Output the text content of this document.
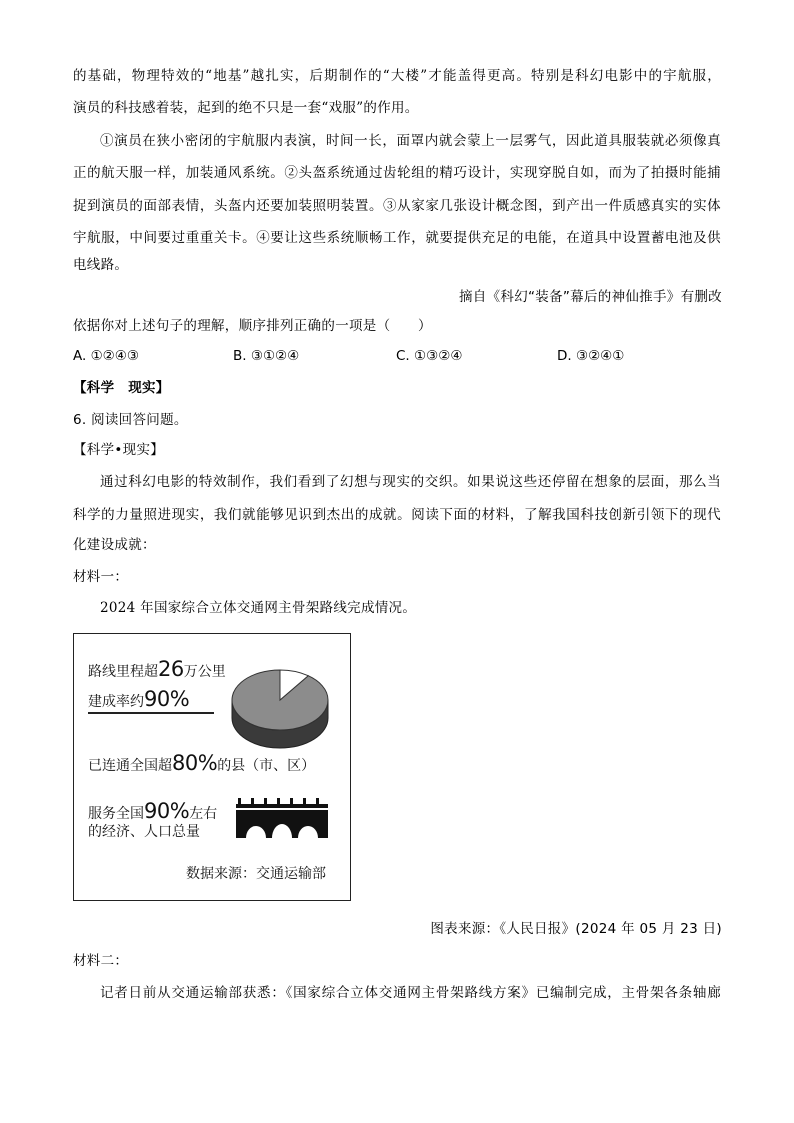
的基础，物理特效的“地基”越扎实，后期制作的“大楼”才能盖得更高。特别是科幻电影中的宇航服，
演员的科技感着装，起到的绝不只是一套“戏服”的作用。
①演员在狭小密闭的宇航服内表演，时间一长，面罩内就会蒙上一层雾气，因此道具服装就必须像真
正的航天服一样，加装通风系统。②头盔系统通过齿轮组的精巧设计，实现穿脱自如，而为了拍摄时能捕
捉到演员的面部表情，头盔内还要加装照明装置。③从家家几张设计概念图，到产出一件质感真实的实体
宇航服，中间要过重重关卡。④要让这些系统顺畅工作，就要提供充足的电能，在道具中设置蓄电池及供
电线路。
摘自《科幻“装备”幕后的神仙推手》有删改
依据你对上述句子的理解，顺序排列正确的一项是（　　）
A. ①②④③	B. ③①②④	C. ①③②④	D. ③②④①
【科学　现实】
6. 阅读回答问题。
【科学•现实】
通过科幻电影的特效制作，我们看到了幻想与现实的交织。如果说这些还停留在想象的层面，那么当
科学的力量照进现实，我们就能够见识到杰出的成就。阅读下面的材料，了解我国科技创新引领下的现代
化建设成就：
材料一：
2024 年国家综合立体交通网主骨架路线完成情况。
路线里程超26万公里
建成率约90%
已连通全国超80%的县（市、区）
服务全国90%左右
的经济、人口总量
数据来源：交通运输部
图表来源：《人民日报》(2024 年 05 月 23 日)
材料二：
记者日前从交通运输部获悉：《国家综合立体交通网主骨架路线方案》已编制完成，主骨架各条轴廊
